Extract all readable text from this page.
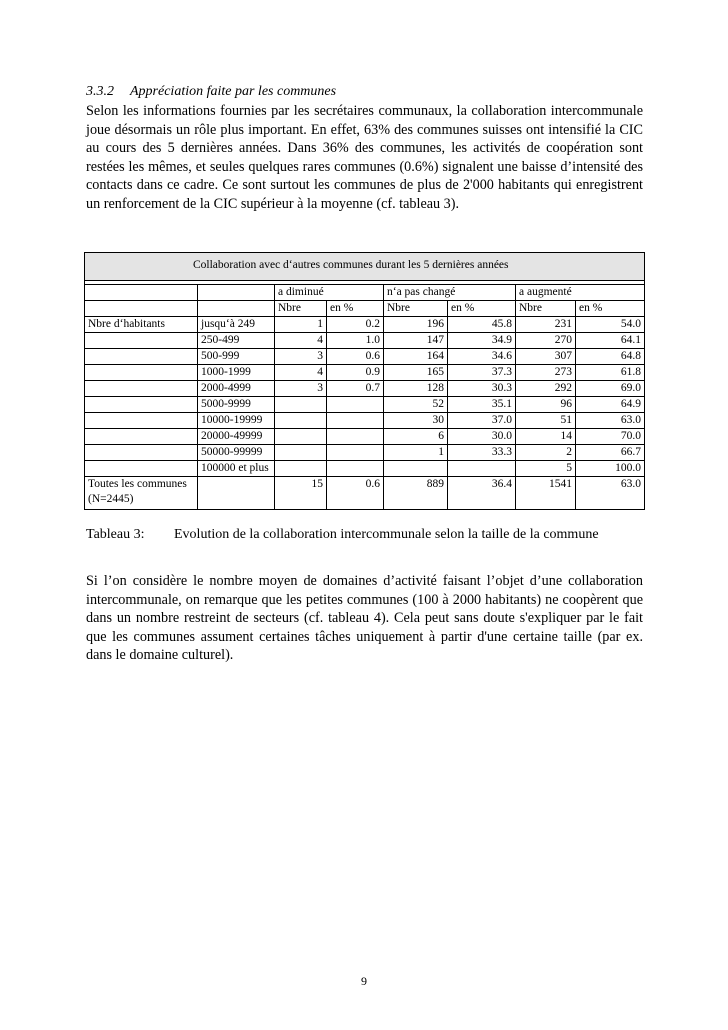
3.3.2 Appréciation faite par les communes

Selon les informations fournies par les secrétaires communaux, la collaboration intercommunale joue désormais un rôle plus important. En effet, 63% des communes suisses ont intensifié la CIC au cours des 5 dernières années. Dans 36% des communes, les activités de coopération sont restées les mêmes, et seules quelques rares communes (0.6%) signalent une baisse d’intensité des contacts dans ce cadre. Ce sont surtout les communes de plus de 2'000 habitants qui enregistrent un renforcement de la CIC supérieur à la moyenne (cf. tableau 3).

Collaboration avec d‘autres communes durant les 5 dernières années							

		a diminué		n‘a pas changé		a augmenté	
		Nbre	en %	Nbre	en %	Nbre	en %
Nbre d‘habitants	jusqu‘à 249	1	0.2	196	45.8	231	54.0
	250-499	4	1.0	147	34.9	270	64.1
	500-999	3	0.6	164	34.6	307	64.8
	1000-1999	4	0.9	165	37.3	273	61.8
	2000-4999	3	0.7	128	30.3	292	69.0
	5000-9999			52	35.1	96	64.9
	10000-19999			30	37.0	51	63.0
	20000-49999			6	30.0	14	70.0
	50000-99999			1	33.3	2	66.7
	100000 et plus					5	100.0

Toutes les communes
(N=2445)		15	0.6	889	36.4	1541	63.0
Tableau 3: Evolution de la collaboration intercommunale selon la taille de la commune

Si l’on considère le nombre moyen de domaines d’activité faisant l’objet d’une collaboration intercommunale, on remarque que les petites communes (100 à 2000 habitants) ne coopèrent que dans un nombre restreint de secteurs (cf. tableau 4). Cela peut sans doute s'expliquer par le fait que les communes assument certaines tâches uniquement à partir d'une certaine taille (par ex. dans le domaine culturel).

9
